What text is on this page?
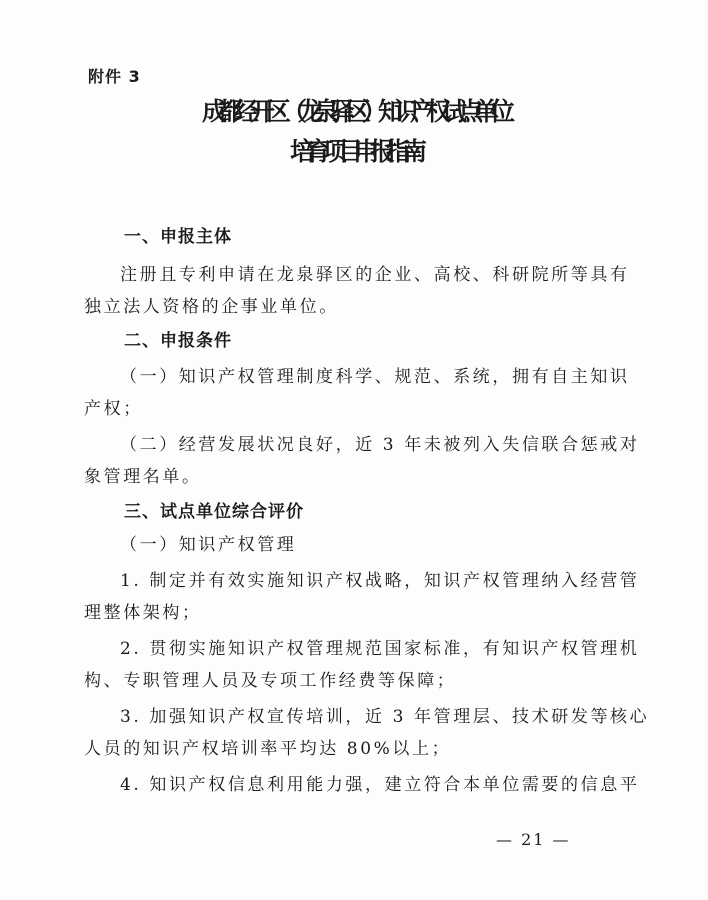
附件 3
成都经开区（龙泉驿区）知识产权试点单位
培育项目申报指南
一、申报主体
注册且专利申请在龙泉驿区的企业、高校、科研院所等具有
独立法人资格的企事业单位。
二、申报条件
（一）知识产权管理制度科学、规范、系统，拥有自主知识
产权；
（二）经营发展状况良好，近 3 年未被列入失信联合惩戒对
象管理名单。
三、试点单位综合评价
（一）知识产权管理
1. 制定并有效实施知识产权战略，知识产权管理纳入经营管
理整体架构；
2. 贯彻实施知识产权管理规范国家标准，有知识产权管理机
构、专职管理人员及专项工作经费等保障；
3. 加强知识产权宣传培训，近 3 年管理层、技术研发等核心
人员的知识产权培训率平均达 80%以上；
4. 知识产权信息利用能力强，建立符合本单位需要的信息平
— 21 —
